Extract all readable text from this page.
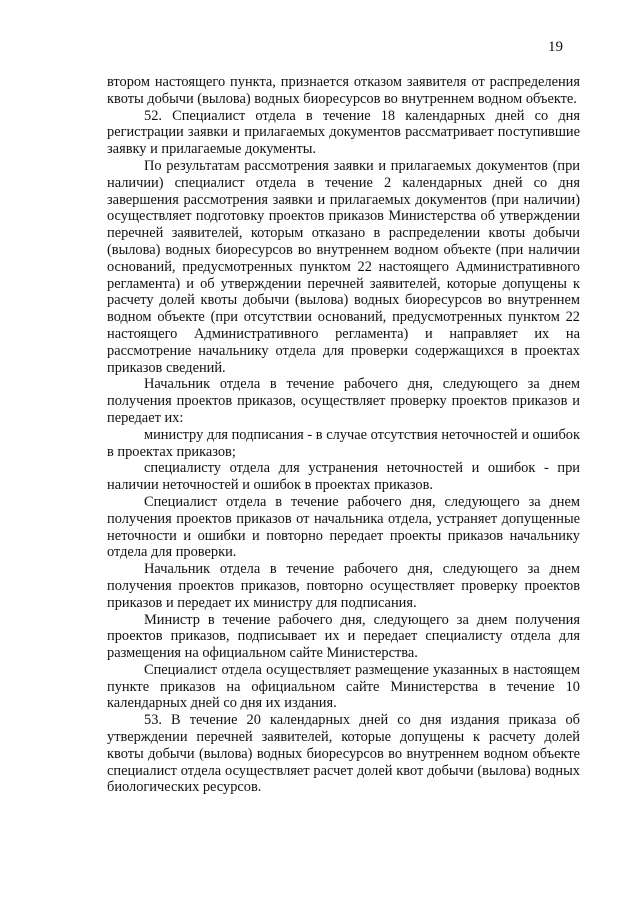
19

втором настоящего пункта, признается отказом заявителя от распределения квоты добычи (вылова) водных биоресурсов во внутреннем водном объекте.

52. Специалист отдела в течение 18 календарных дней со дня регистрации заявки и прилагаемых документов рассматривает поступившие заявку и прилагаемые документы.

По результатам рассмотрения заявки и прилагаемых документов (при наличии) специалист отдела в течение 2 календарных дней со дня завершения рассмотрения заявки и прилагаемых документов (при наличии) осуществляет подготовку проектов приказов Министерства об утверждении перечней заявителей, которым отказано в распределении квоты добычи (вылова) водных биоресурсов во внутреннем водном объекте (при наличии оснований, предусмотренных пунктом 22 настоящего Административного регламента) и об утверждении перечней заявителей, которые допущены к расчету долей квоты добычи (вылова) водных биоресурсов во внутреннем водном объекте (при отсутствии оснований, предусмотренных пунктом 22 настоящего Административного регламента) и направляет их на рассмотрение начальнику отдела для проверки содержащихся в проектах приказов сведений.

Начальник отдела в течение рабочего дня, следующего за днем получения проектов приказов, осуществляет проверку проектов приказов и передает их:

министру для подписания - в случае отсутствия неточностей и ошибок в проектах приказов;

специалисту отдела для устранения неточностей и ошибок - при наличии неточностей и ошибок в проектах приказов.

Специалист отдела в течение рабочего дня, следующего за днем получения проектов приказов от начальника отдела, устраняет допущенные неточности и ошибки и повторно передает проекты приказов начальнику отдела для проверки.

Начальник отдела в течение рабочего дня, следующего за днем получения проектов приказов, повторно осуществляет проверку проектов приказов и передает их министру для подписания.

Министр в течение рабочего дня, следующего за днем получения проектов приказов, подписывает их и передает специалисту отдела для размещения на официальном сайте Министерства.

Специалист отдела осуществляет размещение указанных в настоящем пункте приказов на официальном сайте Министерства в течение 10 календарных дней со дня их издания.

53. В течение 20 календарных дней со дня издания приказа об утверждении перечней заявителей, которые допущены к расчету долей квоты добычи (вылова) водных биоресурсов во внутреннем водном объекте специалист отдела осуществляет расчет долей квот добычи (вылова) водных биологических ресурсов.
